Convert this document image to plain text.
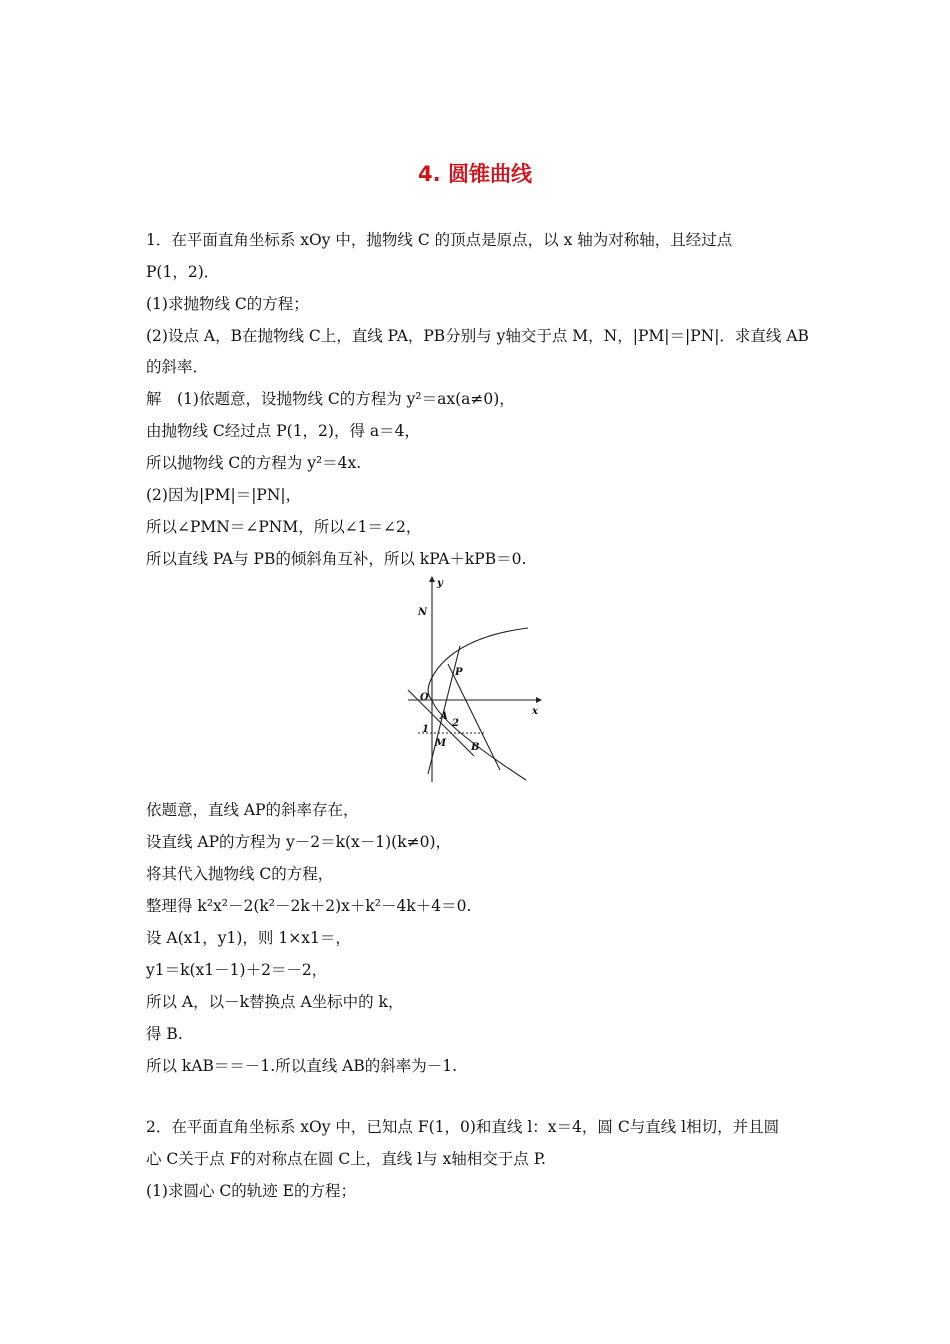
4. 圆锥曲线
1．在平面直角坐标系 xOy 中，抛物线 C 的顶点是原点，以 x 轴为对称轴，且经过点
P(1，2)．
(1)求抛物线 C的方程；
(2)设点 A，B在抛物线 C上，直线 PA，PB分别与 y轴交于点 M，N，|PM|＝|PN|．求直线 AB
的斜率．
解　(1)依题意，设抛物线 C的方程为 y²＝ax(a≠0)，
由抛物线 C经过点 P(1，2)，得 a＝4，
所以抛物线 C的方程为 y²＝4x.
(2)因为|PM|＝|PN|，
所以∠PMN＝∠PNM，所以∠1＝∠2，
所以直线 PA与 PB的倾斜角互补，所以 kPA＋kPB＝0.
y
x
N
P
O
A
1
2
M B
依题意，直线 AP的斜率存在，
设直线 AP的方程为 y－2＝k(x－1)(k≠0)，
将其代入抛物线 C的方程，
整理得 k²x²－2(k²－2k＋2)x＋k²－4k＋4＝0.
设 A(x1，y1)，则 1×x1＝，
y1＝k(x1－1)＋2＝－2，
所以 A，以－k替换点 A坐标中的 k，
得 B.
所以 kAB＝＝－1.所以直线 AB的斜率为－1.
2．在平面直角坐标系 xOy 中，已知点 F(1，0)和直线 l：x＝4，圆 C与直线 l相切，并且圆
心 C关于点 F的对称点在圆 C上，直线 l与 x轴相交于点 P.
(1)求圆心 C的轨迹 E的方程；
